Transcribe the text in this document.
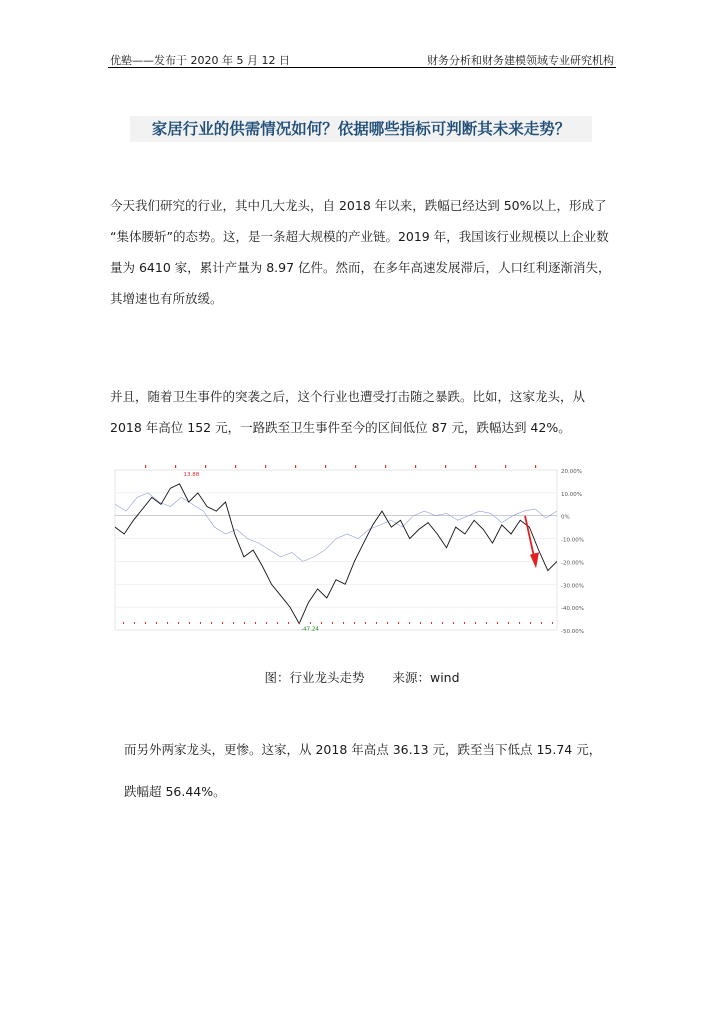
优塾——发布于 2020 年 5 月 12 日	财务分析和财务建模领域专业研究机构
家居行业的供需情况如何？依据哪些指标可判断其未来走势？
今天我们研究的行业，其中几大龙头，自 2018 年以来，跌幅已经达到 50%以上，形成了
“集体腰斩”的态势。这，是一条超大规模的产业链。2019 年，我国该行业规模以上企业数
量为 6410 家，累计产量为 8.97 亿件。然而，在多年高速发展滞后，人口红利逐渐消失，
其增速也有所放缓。
并且，随着卫生事件的突袭之后，这个行业也遭受打击随之暴跌。比如，这家龙头，从
2018 年高位 152 元，一路跌至卫生事件至今的区间低位 87 元，跌幅达到 42%。
20.00%
10.00%
0%
-10.00%
-20.00%
-30.00%
-40.00%
-50.00%
13.88
-47.24
图：行业龙头走势 来源：wind
而另外两家龙头，更惨。这家，从 2018 年高点 36.13 元，跌至当下低点 15.74 元，
跌幅超 56.44%。
